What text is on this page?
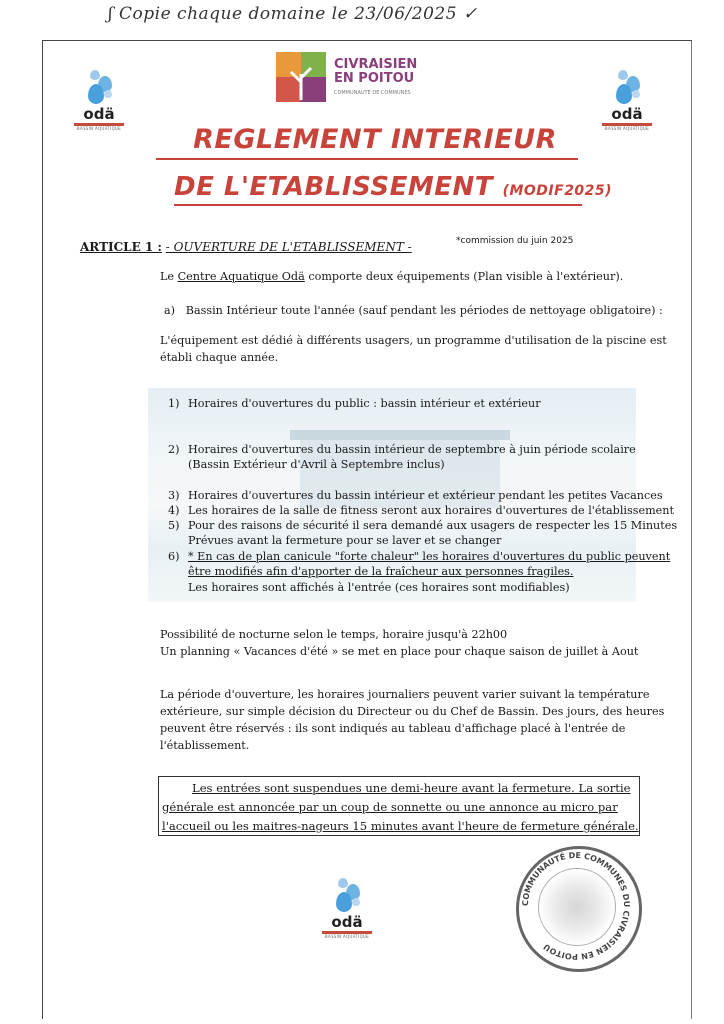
ʃ Copie chaque domaine le 23/06/2025 ✓
odä
BASSIN AQUATIQUE
odä
BASSIN AQUATIQUE
CIVRAISIEN
EN POITOU
COMMUNAUTÉ DE COMMUNES
REGLEMENT INTERIEUR
DE L'ETABLISSEMENT (MODIF2025)
ARTICLE 1 : - OUVERTURE DE L'ETABLISSEMENT -	*commission du juin 2025
Le Centre Aquatique Odä comporte deux équipements (Plan visible à l'extérieur).
a) Bassin Intérieur toute l'année (sauf pendant les périodes de nettoyage obligatoire) :
L'équipement est dédié à différents usagers, un programme d'utilisation de la piscine est
établi chaque année.
1) Horaires d'ouvertures du public : bassin intérieur et extérieur
2) Horaires d'ouvertures du bassin intérieur de septembre à juin période scolaire
(Bassin Extérieur d'Avril à Septembre inclus)
3) Horaires d'ouvertures du bassin intérieur et extérieur pendant les petites Vacances
4) Les horaires de la salle de fitness seront aux horaires d'ouvertures de l'établissement
5) Pour des raisons de sécurité il sera demandé aux usagers de respecter les 15 Minutes
Prévues avant la fermeture pour se laver et se changer
6) * En cas de plan canicule "forte chaleur" les horaires d'ouvertures du public peuvent
être modifiés afin d'apporter de la fraîcheur aux personnes fragiles.
Les horaires sont affichés à l'entrée (ces horaires sont modifiables)
Possibilité de nocturne selon le temps, horaire jusqu'à 22h00
Un planning « Vacances d'été » se met en place pour chaque saison de juillet à Aout
La période d'ouverture, les horaires journaliers peuvent varier suivant la température
extérieure, sur simple décision du Directeur ou du Chef de Bassin. Des jours, des heures
peuvent être réservés : ils sont indiqués au tableau d'affichage placé à l'entrée de
l'établissement.
Les entrées sont suspendues une demi-heure avant la fermeture. La sortie
générale est annoncée par un coup de sonnette ou une annonce au micro par
l'accueil ou les maitres-nageurs 15 minutes avant l'heure de fermeture générale.
odä
BASSIN AQUATIQUE
COMMUNAUTÉ DE COMMUNES DU CIVRAISIEN EN POITOU
